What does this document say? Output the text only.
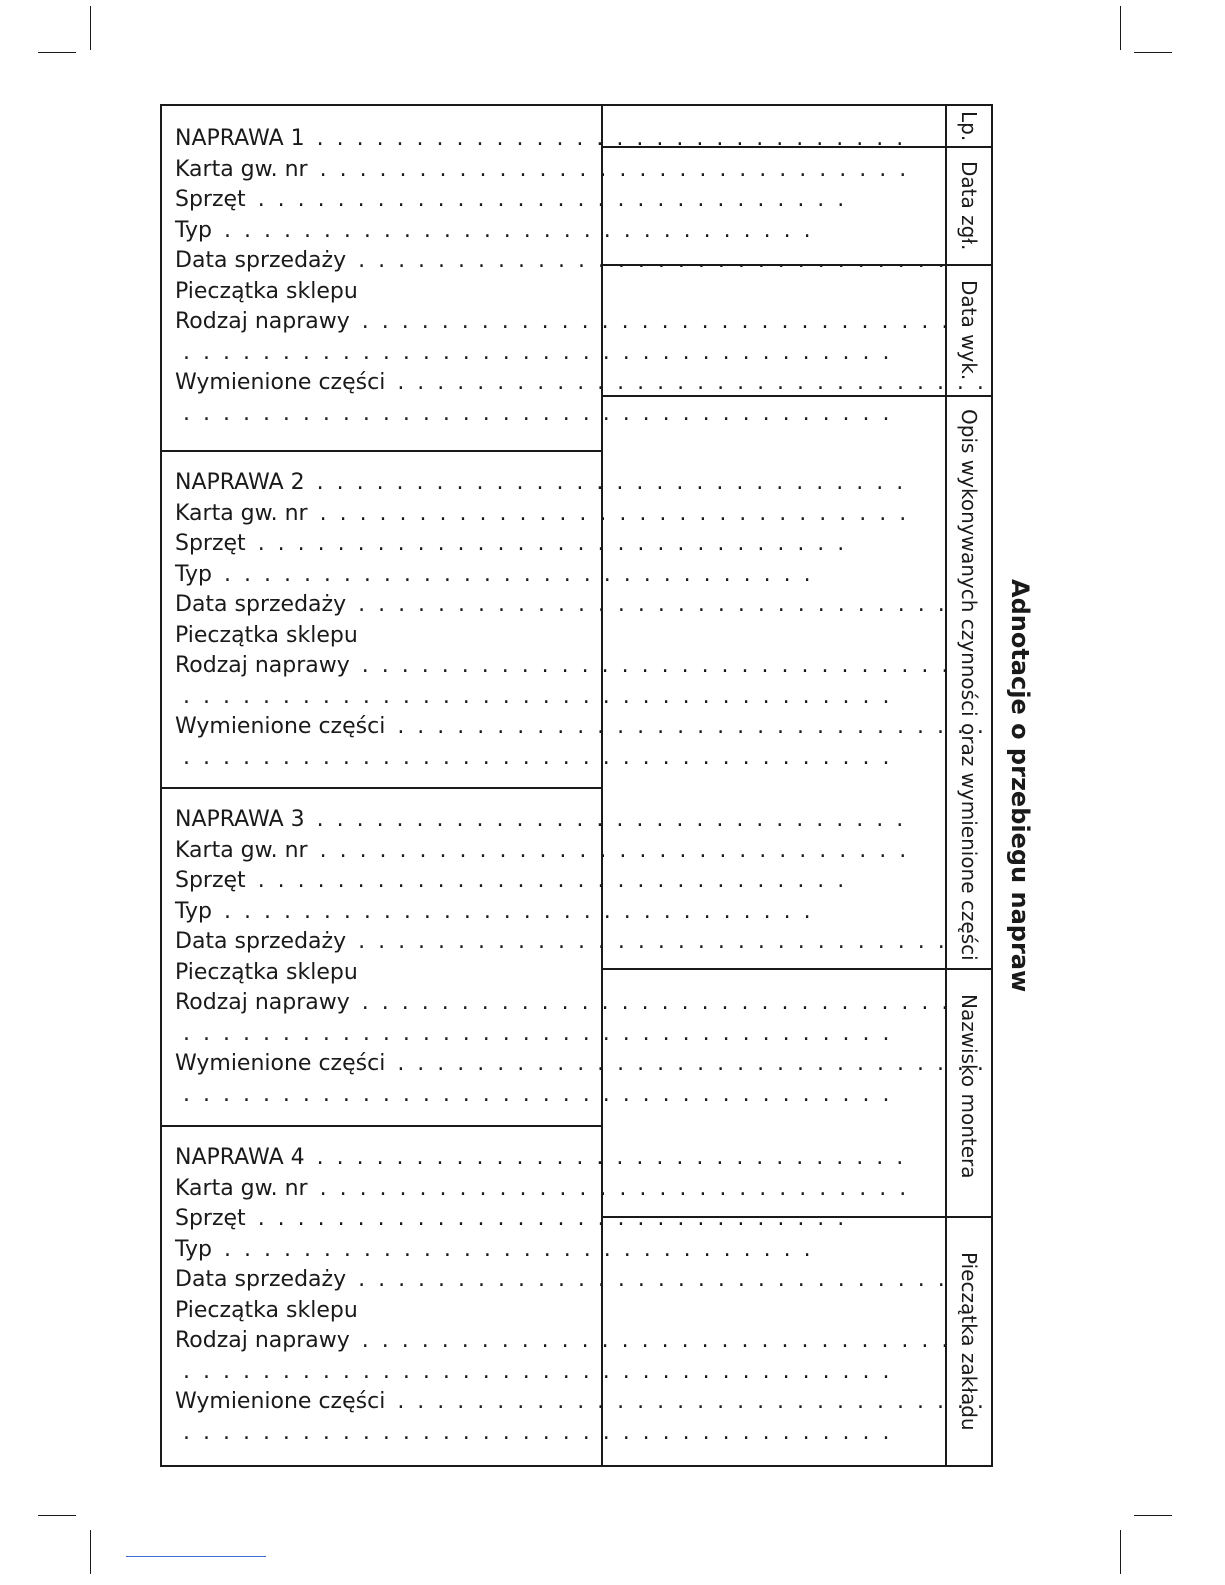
Lp.
Data zgł.
Data wyk.
Opis wykonywanych czynności oraz wymienione części
Nazwisko montera
Pieczątka zakładu
NAPRAWA 1 . . . . . . . . . . . . . . . . . . . . . . . . . . . . . .
Karta gw. nr . . . . . . . . . . . . . . . . . . . . . . . . . . . . . .
Sprzęt . . . . . . . . . . . . . . . . . . . . . . . . . . . . . .
Typ . . . . . . . . . . . . . . . . . . . . . . . . . . . . . .
Data sprzedaży . . . . . . . . . . . . . . . . . . . . . . . . . . . . . .
Pieczątka sklepu
Rodzaj naprawy . . . . . . . . . . . . . . . . . . . . . . . . . . . . . .
. . . . . . . . . . . . . . . . . . . . . . . . . . . . . . . . . . . .
Wymienione części . . . . . . . . . . . . . . . . . . . . . . . . . . . . . .
. . . . . . . . . . . . . . . . . . . . . . . . . . . . . . . . . . . .
NAPRAWA 2 . . . . . . . . . . . . . . . . . . . . . . . . . . . . . .
Karta gw. nr . . . . . . . . . . . . . . . . . . . . . . . . . . . . . .
Sprzęt . . . . . . . . . . . . . . . . . . . . . . . . . . . . . .
Typ . . . . . . . . . . . . . . . . . . . . . . . . . . . . . .
Data sprzedaży . . . . . . . . . . . . . . . . . . . . . . . . . . . . . .
Pieczątka sklepu
Rodzaj naprawy . . . . . . . . . . . . . . . . . . . . . . . . . . . . . .
. . . . . . . . . . . . . . . . . . . . . . . . . . . . . . . . . . . .
Wymienione części . . . . . . . . . . . . . . . . . . . . . . . . . . . . . .
. . . . . . . . . . . . . . . . . . . . . . . . . . . . . . . . . . . .
NAPRAWA 3 . . . . . . . . . . . . . . . . . . . . . . . . . . . . . .
Karta gw. nr . . . . . . . . . . . . . . . . . . . . . . . . . . . . . .
Sprzęt . . . . . . . . . . . . . . . . . . . . . . . . . . . . . .
Typ . . . . . . . . . . . . . . . . . . . . . . . . . . . . . .
Data sprzedaży . . . . . . . . . . . . . . . . . . . . . . . . . . . . . .
Pieczątka sklepu
Rodzaj naprawy . . . . . . . . . . . . . . . . . . . . . . . . . . . . . .
. . . . . . . . . . . . . . . . . . . . . . . . . . . . . . . . . . . .
Wymienione części . . . . . . . . . . . . . . . . . . . . . . . . . . . . . .
. . . . . . . . . . . . . . . . . . . . . . . . . . . . . . . . . . . .
NAPRAWA 4 . . . . . . . . . . . . . . . . . . . . . . . . . . . . . .
Karta gw. nr . . . . . . . . . . . . . . . . . . . . . . . . . . . . . .
Sprzęt . . . . . . . . . . . . . . . . . . . . . . . . . . . . . .
Typ . . . . . . . . . . . . . . . . . . . . . . . . . . . . . .
Data sprzedaży . . . . . . . . . . . . . . . . . . . . . . . . . . . . . .
Pieczątka sklepu
Rodzaj naprawy . . . . . . . . . . . . . . . . . . . . . . . . . . . . . .
. . . . . . . . . . . . . . . . . . . . . . . . . . . . . . . . . . . .
Wymienione części . . . . . . . . . . . . . . . . . . . . . . . . . . . . . .
. . . . . . . . . . . . . . . . . . . . . . . . . . . . . . . . . . . .
Adnotacje o przebiegu napraw
